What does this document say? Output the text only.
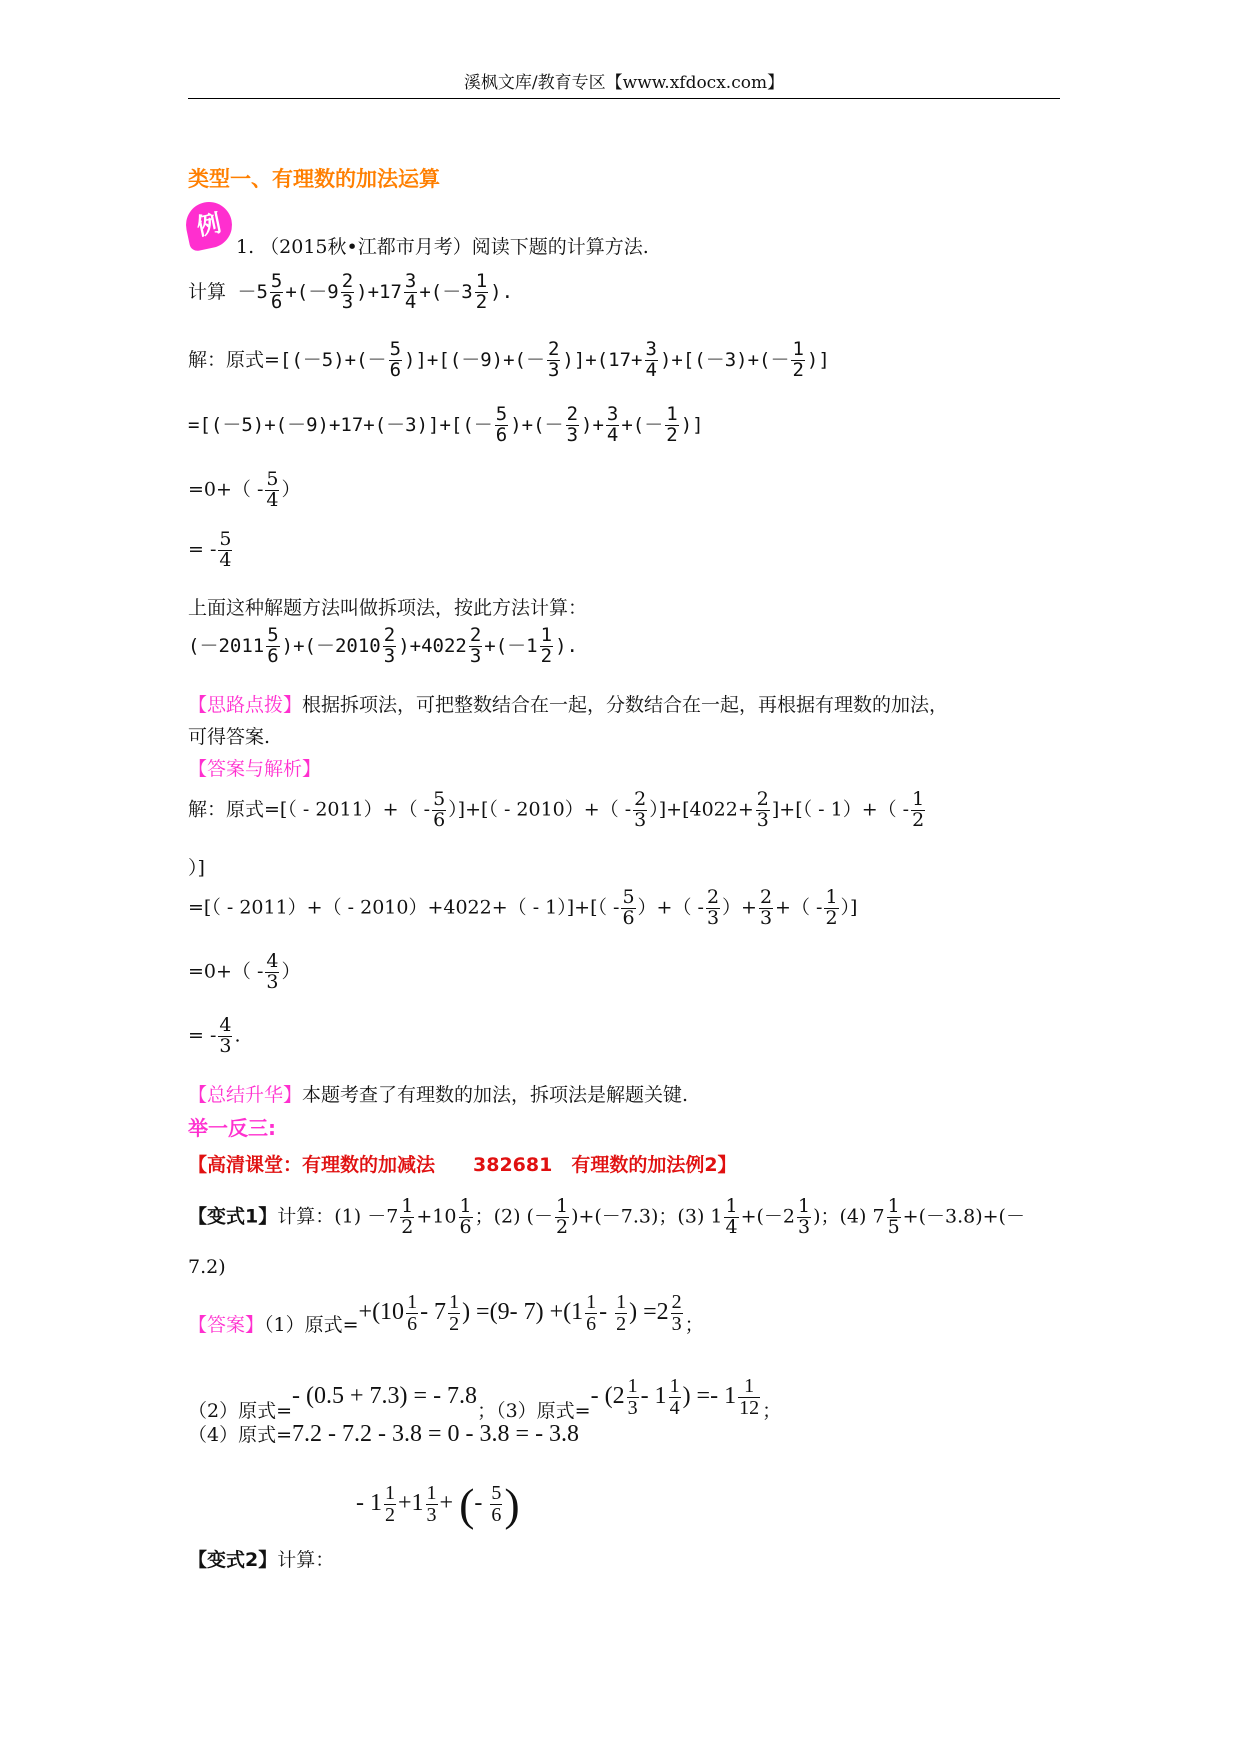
溪枫文库/教育专区【www.xfdocx.com】
类型一、有理数的加法运算
例
1. （2015秋•江都市月考）阅读下题的计算方法.
计算 $-5 \frac{5}{6} +(-9 \frac{2}{3} )+17 \frac{3}{4} +(-3 \frac{1}{2}$ ).
解：原式$=[(-5)+(- \frac{5}{6} )]+[(-9)+(- \frac{2}{3} )]+(17+ \frac{3}{4} )+[(-3)+(- \frac{1}{2}$ )]
$=[(-5)+(-9)+17+(-3)]+[(- \frac{5}{6}$ )+(－ $\frac{2}{3}$ )+ $\frac{3}{4}$ +(－ $\frac{1}{2}$ )]
$=0+( - \frac{5}{4}$ ）
= - $\frac{5}{4}$
上面这种解题方法叫做拆项法，按此方法计算：
$(-2011 \frac{5}{6} )+(-2010 \frac{2}{3} )+4022 \frac{2}{3} +(-1 \frac{1}{2}$ ).
【思路点拨】根据拆项法，可把整数结合在一起，分数结合在一起，再根据有理数的加法，
可得答案.
【答案与解析】
解：原式=[（ - $2011)+( - \frac{5}{6}$ ）]+[（ - $2010)+( - \frac{2}{3} )]+[4022+ \frac{2}{3}$ ]+[（ - $1)+( - \frac{1}{2}$
）]
=[（ - $2011)+( - 2010)+4022+( - 1)]+[( - \frac{5}{6}$ ）+（ - $\frac{2}{3}$ ）+ $\frac{2}{3}$ +（ - $\frac{1}{2}$ ）]
$=0+( - \frac{4}{3}$ ）
= - $\frac{4}{3}$ .
【总结升华】本题考查了有理数的加法，拆项法是解题关键.
举一反三:
【高清课堂：有理数的加减法　　382681　有理数的加法例2】
【变式1】计算：$(1) -7 \frac{1}{2} +10 \frac{1}{6}$ ；(2) (－ $\frac{1}{2} )+(-7.3)$；(3) $1 \frac{1}{4} +(-2 \frac{1}{3}$ )；(4) $7 \frac{1}{5} +(-3.8)+(-$
7.2)
【答案】（1）原式$=+(10 \frac{1}{6} - 7 \frac{1}{2}$ ) =(9- $7) +(1 \frac{1}{6} - \frac{1}{2}$ ) $=2 \frac{2}{3}$ ；
（2）原式=- (0.5 + 7.3) = - 7.8；（3）原式=- ($2 \frac{1}{3} - 1 \frac{1}{4}$ ) =- $1 \frac{1}{12}$ ；
（4）原式=7.2 - 7.2 - 3.8 = 0 - 3.8 = - 3.8
- $1 \frac{1}{2} +1 \frac{1}{3}$ + (- $\frac{5}{6}$ )
【变式2】计算：
